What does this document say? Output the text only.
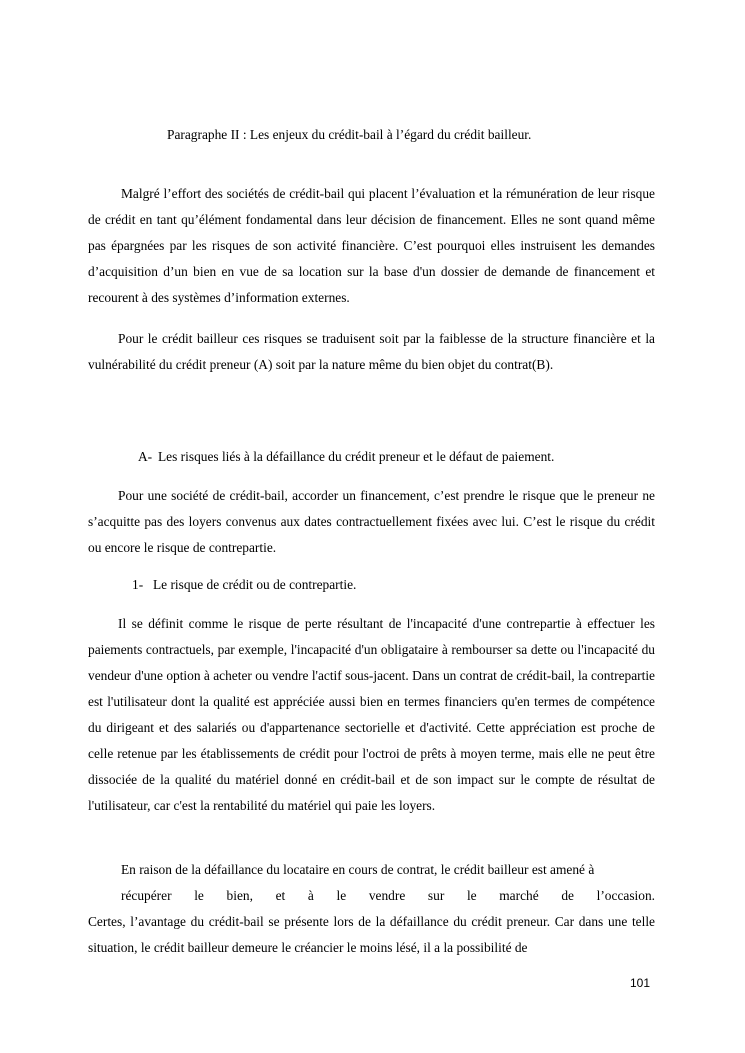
Paragraphe II : Les enjeux du crédit-bail à l’égard du crédit bailleur.

Malgré l’effort des sociétés de crédit-bail qui placent l’évaluation et la rémunération de leur risque de crédit en tant qu’élément fondamental dans leur décision de financement. Elles ne sont quand même pas épargnées par les risques de son activité financière. C’est pourquoi elles instruisent les demandes d’acquisition d’un bien en vue de sa location sur la base d'un dossier de demande de financement et recourent à des systèmes d’information externes.

Pour le crédit bailleur ces risques se traduisent soit par la faiblesse de la structure financière et la vulnérabilité du crédit preneur (A) soit par la nature même du bien objet du contrat(B).

A- Les risques liés à la défaillance du crédit preneur et le défaut de paiement.

Pour une société de crédit-bail, accorder un financement, c’est prendre le risque que le preneur ne s’acquitte pas des loyers convenus aux dates contractuellement fixées avec lui. C’est le risque du crédit ou encore le risque de contrepartie.

1- Le risque de crédit ou de contrepartie.

Il se définit comme le risque de perte résultant de l'incapacité d'une contrepartie à effectuer les paiements contractuels, par exemple, l'incapacité d'un obligataire à rembourser sa dette ou l'incapacité du vendeur d'une option à acheter ou vendre l'actif sous-jacent. Dans un contrat de crédit-bail, la contrepartie est l'utilisateur dont la qualité est appréciée aussi bien en termes financiers qu'en termes de compétence du dirigeant et des salariés ou d'appartenance sectorielle et d'activité. Cette appréciation est proche de celle retenue par les établissements de crédit pour l'octroi de prêts à moyen terme, mais elle ne peut être dissociée de la qualité du matériel donné en crédit-bail et de son impact sur le compte de résultat de l'utilisateur, car c'est la rentabilité du matériel qui paie les loyers.

En raison de la défaillance du locataire en cours de contrat, le crédit bailleur est amené à
récupérer le bien, et à le vendre sur le marché de l’occasion.
Certes, l’avantage du crédit-bail se présente lors de la défaillance du crédit preneur. Car dans une telle situation, le crédit bailleur demeure le créancier le moins lésé, il a la possibilité de

101
